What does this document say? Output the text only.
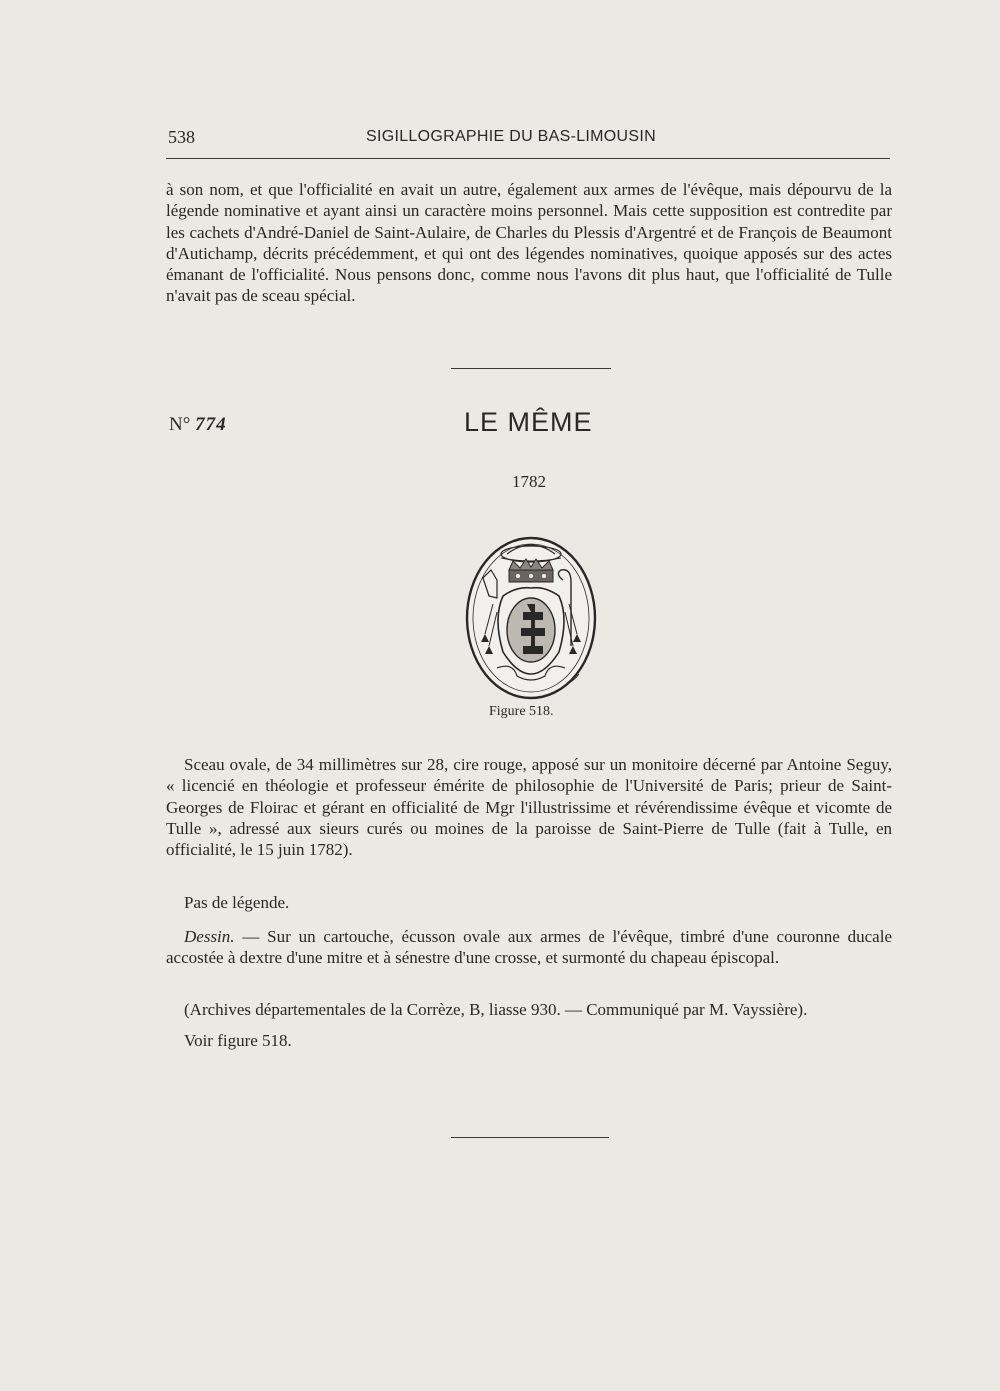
538	SIGILLOGRAPHIE DU BAS-LIMOUSIN

à son nom, et que l'officialité en avait un autre, également aux armes de l'évêque, mais dépourvu de la légende nominative et ayant ainsi un caractère moins personnel. Mais cette supposition est contredite par les cachets d'André-Daniel de Saint-Aulaire, de Charles du Plessis d'Argentré et de François de Beaumont d'Autichamp, décrits précédemment, et qui ont des légendes nominatives, quoique apposés sur des actes émanant de l'officialité. Nous pensons donc, comme nous l'avons dit plus haut, que l'officialité de Tulle n'avait pas de sceau spécial.

N° 774	LE MÊME
1782
Figure 518.

Sceau ovale, de 34 millimètres sur 28, cire rouge, apposé sur un monitoire décerné par Antoine Seguy, « licencié en théologie et professeur émérite de philosophie de l'Université de Paris; prieur de Saint-Georges de Floirac et gérant en officialité de Mgr l'illustrissime et révérendissime évêque et vicomte de Tulle », adressé aux sieurs curés ou moines de la paroisse de Saint-Pierre de Tulle (fait à Tulle, en officialité, le 15 juin 1782).

Pas de légende.

Dessin. — Sur un cartouche, écusson ovale aux armes de l'évêque, timbré d'une couronne ducale accostée à dextre d'une mitre et à sénestre d'une crosse, et surmonté du chapeau épiscopal.

(Archives départementales de la Corrèze, B, liasse 930. — Communiqué par M. Vayssière).

Voir figure 518.
